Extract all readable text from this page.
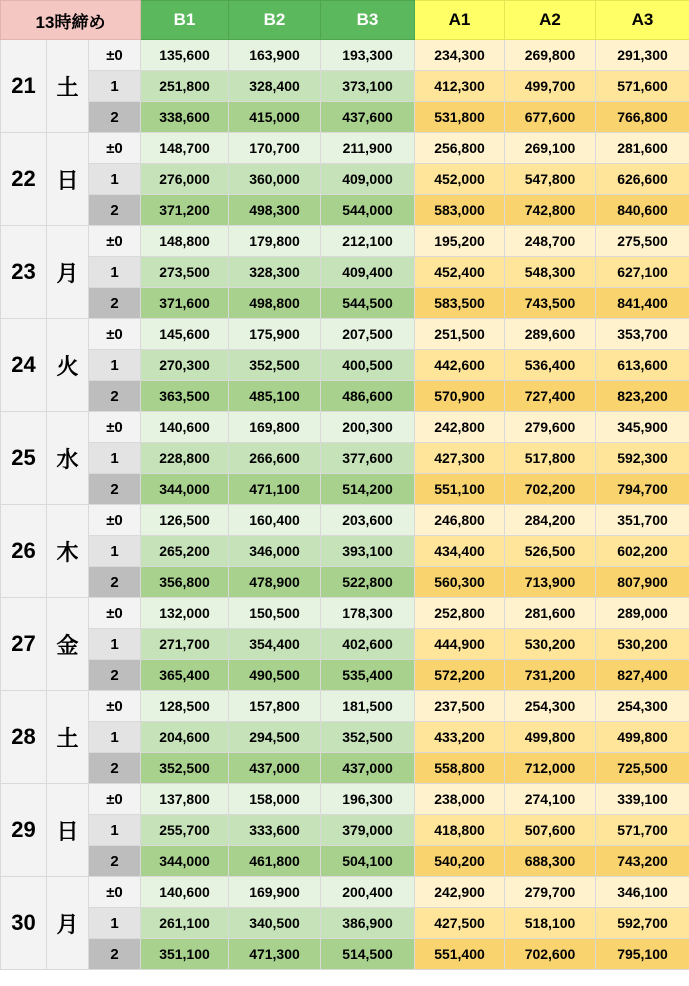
13時締め			B1	B2	B3	A1	A2	A3
21	土	±0	135,600	163,900	193,300	234,300	269,800	291,300
		1	251,800	328,400	373,100	412,300	499,700	571,600
		2	338,600	415,000	437,600	531,800	677,600	766,800
22	日	±0	148,700	170,700	211,900	256,800	269,100	281,600
		1	276,000	360,000	409,000	452,000	547,800	626,600
		2	371,200	498,300	544,000	583,000	742,800	840,600
23	月	±0	148,800	179,800	212,100	195,200	248,700	275,500
		1	273,500	328,300	409,400	452,400	548,300	627,100
		2	371,600	498,800	544,500	583,500	743,500	841,400
24	火	±0	145,600	175,900	207,500	251,500	289,600	353,700
		1	270,300	352,500	400,500	442,600	536,400	613,600
		2	363,500	485,100	486,600	570,900	727,400	823,200
25	水	±0	140,600	169,800	200,300	242,800	279,600	345,900
		1	228,800	266,600	377,600	427,300	517,800	592,300
		2	344,000	471,100	514,200	551,100	702,200	794,700
26	木	±0	126,500	160,400	203,600	246,800	284,200	351,700
		1	265,200	346,000	393,100	434,400	526,500	602,200
		2	356,800	478,900	522,800	560,300	713,900	807,900
27	金	±0	132,000	150,500	178,300	252,800	281,600	289,000
		1	271,700	354,400	402,600	444,900	530,200	530,200
		2	365,400	490,500	535,400	572,200	731,200	827,400
28	土	±0	128,500	157,800	181,500	237,500	254,300	254,300
		1	204,600	294,500	352,500	433,200	499,800	499,800
		2	352,500	437,000	437,000	558,800	712,000	725,500
29	日	±0	137,800	158,000	196,300	238,000	274,100	339,100
		1	255,700	333,600	379,000	418,800	507,600	571,700
		2	344,000	461,800	504,100	540,200	688,300	743,200
30	月	±0	140,600	169,900	200,400	242,900	279,700	346,100
		1	261,100	340,500	386,900	427,500	518,100	592,700
		2	351,100	471,300	514,500	551,400	702,600	795,100
